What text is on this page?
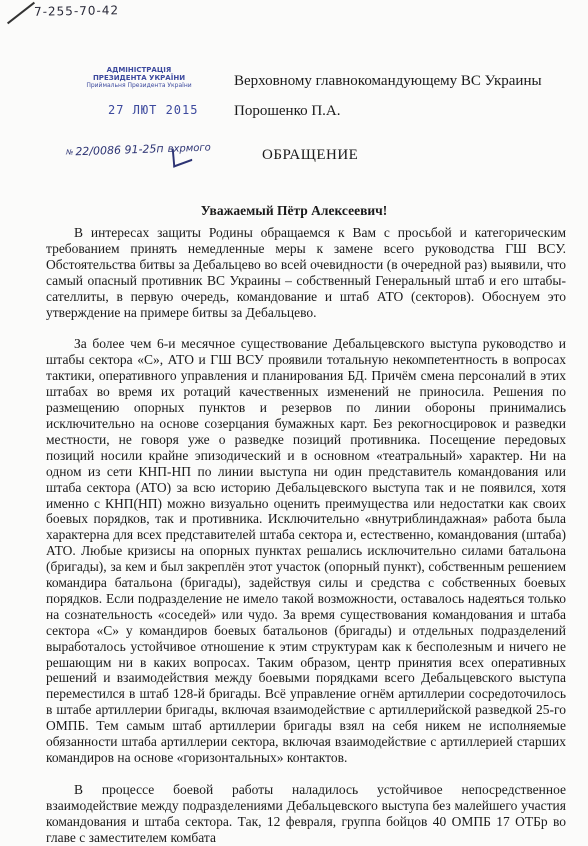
7-255-70-42
АДМІНІСТРАЦІЯ
ПРЕЗИДЕНТА УКРАЇНИ
Приймальня Президента України
27 ЛЮТ 2015
№ 22/0086 91-25п вхрмого
Верховному главнокомандующему ВС Украины
Порошенко П.А.
ОБРАЩЕНИЕ
Уважаемый Пётр Алексеевич!

В интересах защиты Родины обращаемся к Вам с просьбой и категорическим требованием принять немедленные меры к замене всего руководства ГШ ВСУ. Обстоятельства битвы за Дебальцево во всей очевидности (в очередной раз) выявили, что самый опасный противник ВС Украины – собственный Генеральный штаб и его штабы-сателлиты, в первую очередь, командование и штаб АТО (секторов). Обоснуем это утверждение на примере битвы за Дебальцево.

За более чем 6-и месячное существование Дебальцевского выступа руководство и штабы сектора «С», АТО и ГШ ВСУ проявили тотальную некомпетентность в вопросах тактики, оперативного управления и планирования БД. Причём смена персоналий в этих штабах во время их ротаций качественных изменений не приносила. Решения по размещению опорных пунктов и резервов по линии обороны принимались исключительно на основе созерцания бумажных карт. Без рекогносцировок и разведки местности, не говоря уже о разведке позиций противника. Посещение передовых позиций носили крайне эпизодический и в основном «театральный» характер. Ни на одном из сети КНП-НП по линии выступа ни один представитель командования или штаба сектора (АТО) за всю историю Дебальцевского выступа так и не появился, хотя именно с КНП(НП) можно визуально оценить преимущества или недостатки как своих боевых порядков, так и противника. Исключительно «внутриблиндажная» работа была характерна для всех представителей штаба сектора и, естественно, командования (штаба) АТО. Любые кризисы на опорных пунктах решались исключительно силами батальона (бригады), за кем и был закреплён этот участок (опорный пункт), собственным решением командира батальона (бригады), задействуя силы и средства с собственных боевых порядков. Если подразделение не имело такой возможности, оставалось надеяться только на сознательность «соседей» или чудо. За время существования командования и штаба сектора «С» у командиров боевых батальонов (бригады) и отдельных подразделений выработалось устойчивое отношение к этим структурам как к бесполезным и ничего не решающим ни в каких вопросах. Таким образом, центр принятия всех оперативных решений и взаимодействия между боевыми порядками всего Дебальцевского выступа переместился в штаб 128-й бригады. Всё управление огнём артиллерии сосредоточилось в штабе артиллерии бригады, включая взаимодействие с артиллерийской разведкой 25-го ОМПБ. Тем самым штаб артиллерии бригады взял на себя никем не исполняемые обязанности штаба артиллерии сектора, включая взаимодействие с артиллерией старших командиров на основе «горизонтальных» контактов.

В процессе боевой работы наладилось устойчивое непосредственное взаимодействие между подразделениями Дебальцевского выступа без малейшего участия командования и штаба сектора. Так, 12 февраля, группа бойцов 40 ОМПБ 17 ОТБр во главе с заместителем комбата
